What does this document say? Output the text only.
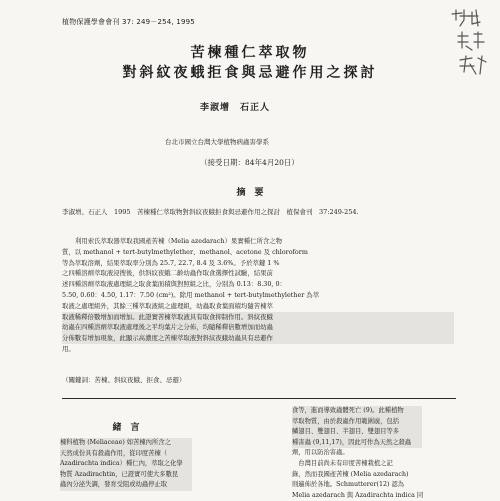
植物保護學會會刊 37: 249－254, 1995
苦楝種仁萃取物
對斜紋夜蛾拒食與忌避作用之探討
李淑增　石正人
台北市國立台灣大學植物病蟲害學系
（接受日期：84年4月20日）
摘　要
李淑增、石正人　1995　苦楝種仁萃取物對斜紋夜蛾拒食與忌避作用之探討　植保會刊　37:249-254.
利用索氏萃取器萃取我國產苦楝（Melia azedarach）果實種仁所含之物
質，以 methanol + tert-butylmethylether、methanol、acetone 及 chloroform
等為萃取溶劑，結果萃取率分別為 25.7, 22.7, 8.4 及 3.6%。予於萃鍵 1 %
之四種溶劑萃取液浸搜後，供斜紋夜蛾二齡幼蟲作取食選擇性試驗，結果前
述四種溶劑萃取液處理組之取食葉面積與對照組之比，分別為 0.13：8.30, 0：
5.50, 0.60：4.50, 1.17：7.50 (cm²)。除用 methanol + tert-butylmethylether 為萃
取液之處理組外，其餘三種萃取液組之處理組，幼蟲取食葉面積均隨苦楝萃
取液稀釋倍數增加而增加。此證實苦楝萃取液具有取食抑制作用。斜紋夜蛾
幼蟲在四種溶劑萃取液處理後之平均葉片之分佈，均隨稀釋倍數增加而幼蟲
分佈數有增加現象，此顯示高濃度之苦楝萃取液對斜紋夜蛾幼蟲具有忌避作
用。
（關鍵詞：苦楝、斜紋夜蛾、拒食、忌避）
緒　言
楝科植物 (Meliaceae) 如苦楝內所含之
天然成份具有殺蟲作用，從印度苦楝（
Azadirachta indica）種仁內，萃取之化學
物質 Azadirachtin，已證實可使大多數昆
蟲內分泌失調，發育受阻或幼蟲停止取
食等，進而導致蟲體死亡 (9)。此種植物
萃取物質，由於殺蟲作用範圍廣，包括
鱗翅目、雙翅目、半翅目、雙翅目等多
種害蟲 (9,11,17)，因此可作為天然之殺蟲
劑，用以防治害蟲。
　台灣目前尚未有印度苦楝栽植之記
錄，然而我國產苦楝 (Melia azedarach)
則遍佈於各地。Schmutterer(12) 認為
Melia azedarach 與 Azadirachta indica 同
